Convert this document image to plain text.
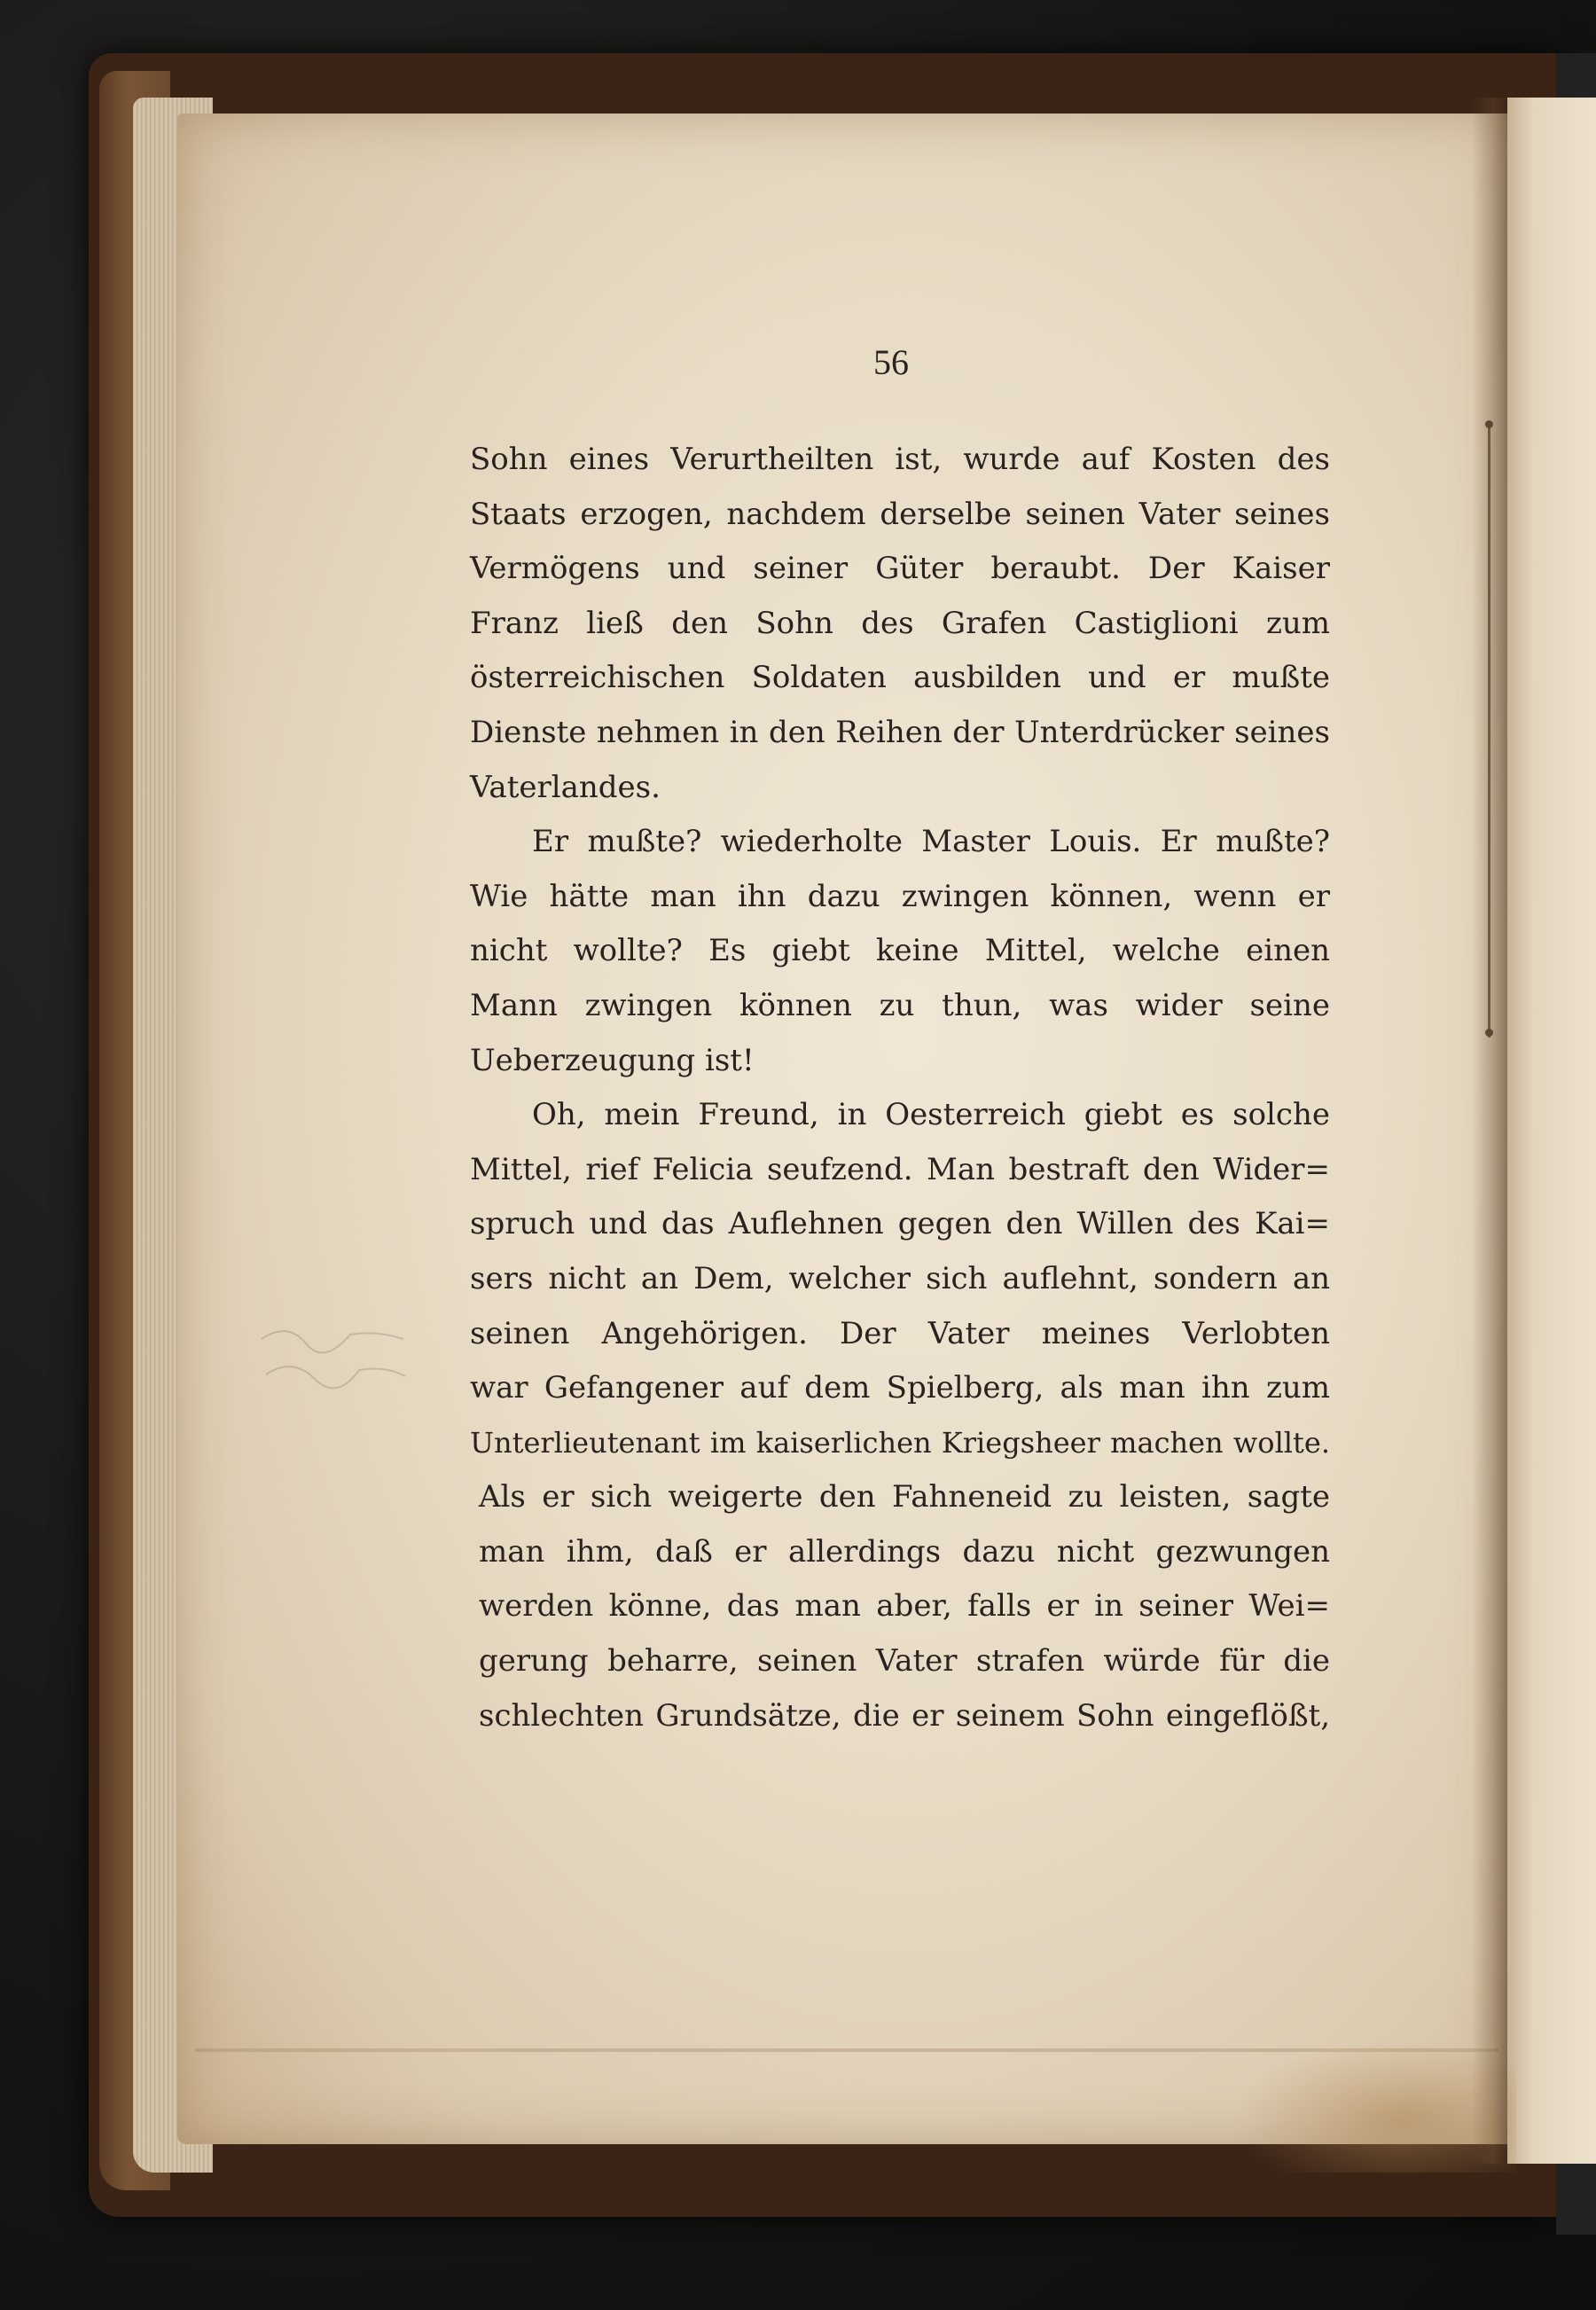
56
Sohn eines Verurtheilten ist, wurde auf Kosten des
Staats erzogen, nachdem derselbe seinen Vater seines
Vermögens und seiner Güter beraubt. Der Kaiser
Franz ließ den Sohn des Grafen Castiglioni zum
österreichischen Soldaten ausbilden und er mußte
Dienste nehmen in den Reihen der Unterdrücker seines
Vaterlandes.
Er mußte? wiederholte Master Louis. Er mußte?
Wie hätte man ihn dazu zwingen können, wenn er
nicht wollte? Es giebt keine Mittel, welche einen
Mann zwingen können zu thun, was wider seine
Ueberzeugung ist!
Oh, mein Freund, in Oesterreich giebt es solche
Mittel, rief Felicia seufzend. Man bestraft den Wider=
spruch und das Auflehnen gegen den Willen des Kai=
sers nicht an Dem, welcher sich auflehnt, sondern an
seinen Angehörigen. Der Vater meines Verlobten
war Gefangener auf dem Spielberg, als man ihn zum
Unterlieutenant im kaiserlichen Kriegsheer machen wollte.
Als er sich weigerte den Fahneneid zu leisten, sagte
man ihm, daß er allerdings dazu nicht gezwungen
werden könne, das man aber, falls er in seiner Wei=
gerung beharre, seinen Vater strafen würde für die
schlechten Grundsätze, die er seinem Sohn eingeflößt,
